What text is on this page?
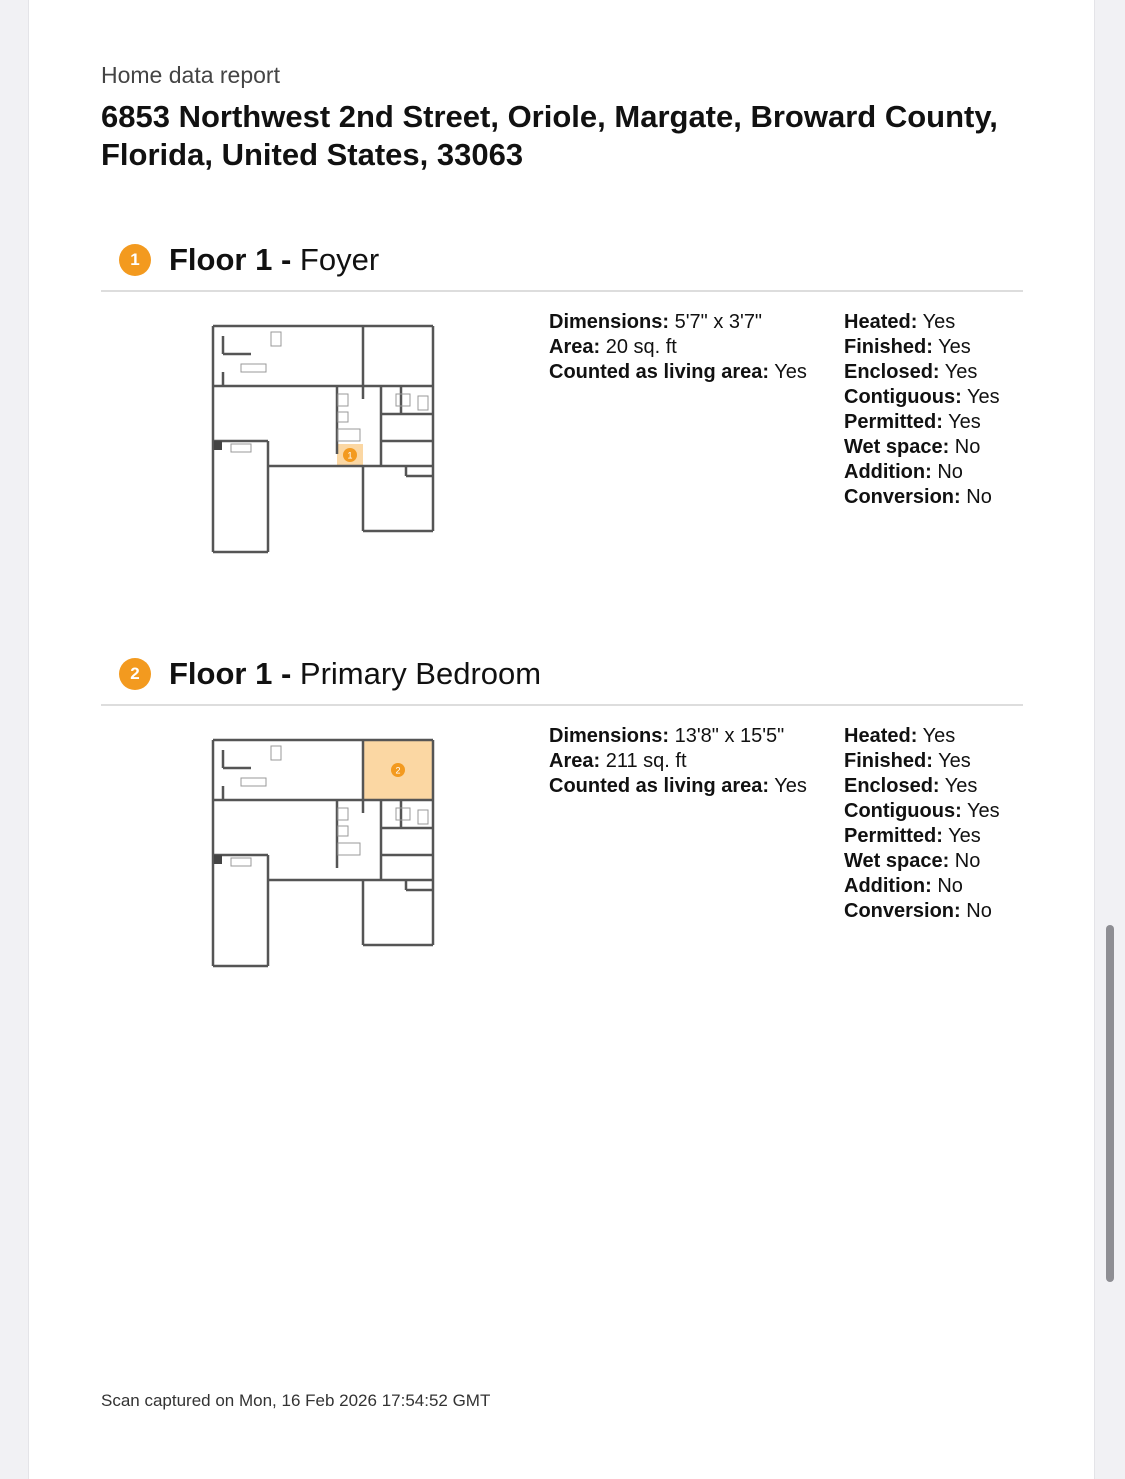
Home data report
6853 Northwest 2nd Street, Oriole, Margate, Broward County, Florida, United States, 33063
1 Floor 1 - Foyer
1
Dimensions: 5'7" x 3'7"
Area: 20 sq. ft
Counted as living area: Yes
Heated: Yes
Finished: Yes
Enclosed: Yes
Contiguous: Yes
Permitted: Yes
Wet space: No
Addition: No
Conversion: No
2 Floor 1 - Primary Bedroom
2
Dimensions: 13'8" x 15'5"
Area: 211 sq. ft
Counted as living area: Yes
Heated: Yes
Finished: Yes
Enclosed: Yes
Contiguous: Yes
Permitted: Yes
Wet space: No
Addition: No
Conversion: No
Scan captured on Mon, 16 Feb 2026 17:54:52 GMT
